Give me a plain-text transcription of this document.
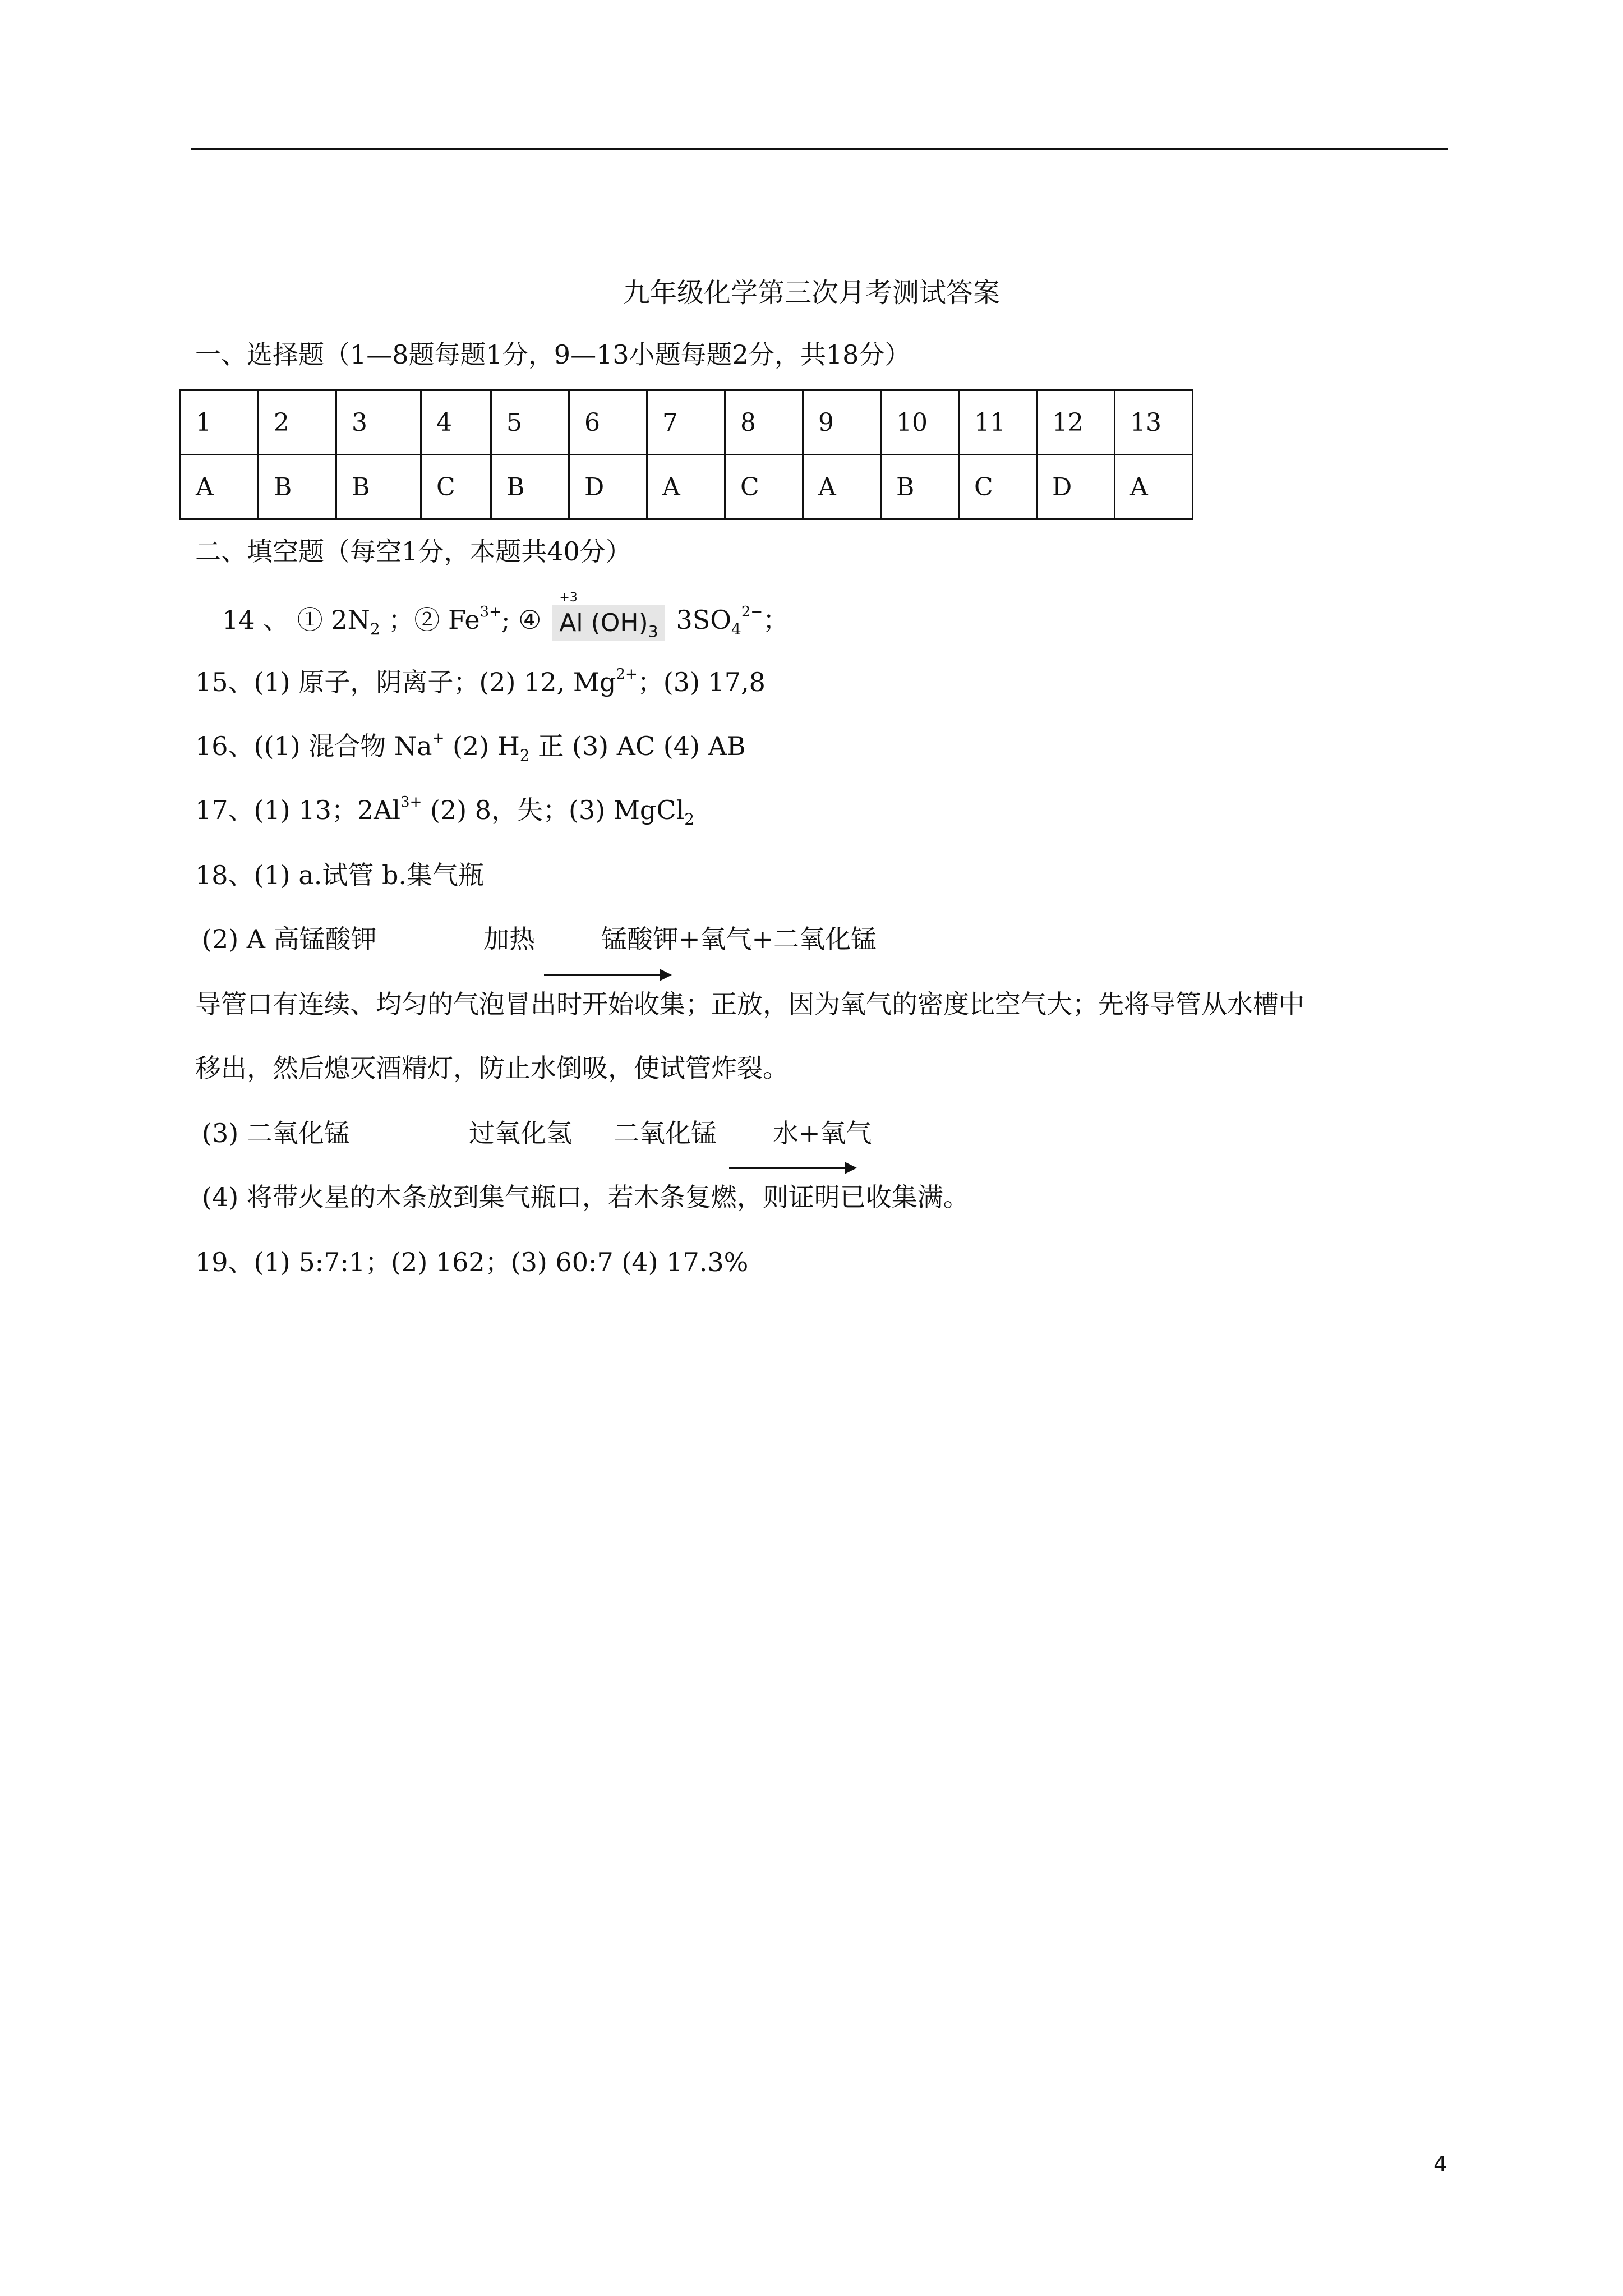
九年级化学第三次月考测试答案
一、选择题（1—8题每题1分，9—13小题每题2分，共18分）
1	2	3	4	5	6	7	8	9	10	11	12	13
A	B	B	C	B	D	A	C	A	B	C	D	A
二、填空题（每空1分，本题共40分）
14 、 ① $2N_2$ ；② $Fe^{3+}$; ④
+3
Al $(OH)_3$ $3SO_4^{2-}$；
15、(1) 原子，阴离子；(2) 12, $Mg^{2+}$；(3) 17,8
16、((1) 混合物 Na+ (2) $H_2$ 正 (3) AC (4) AB
17、(1) 13；$2Al^{3+}$ (2) 8，失；(3) MgCl$_2$
18、(1) a.试管 b.集气瓶
(2) A 高锰酸钾	加热	锰酸钾+氧气+二氧化锰
导管口有连续、均匀的气泡冒出时开始收集；正放，因为氧气的密度比空气大；先将导管从水槽中
移出，然后熄灭酒精灯，防止水倒吸，使试管炸裂。
(3) 二氧化锰	过氧化氢 二氧化锰 水+氧气
(4) 将带火星的木条放到集气瓶口，若木条复燃，则证明已收集满。
19、(1) 5:7:1；(2) 162；(3) 60:7 (4) 17.3%
4
